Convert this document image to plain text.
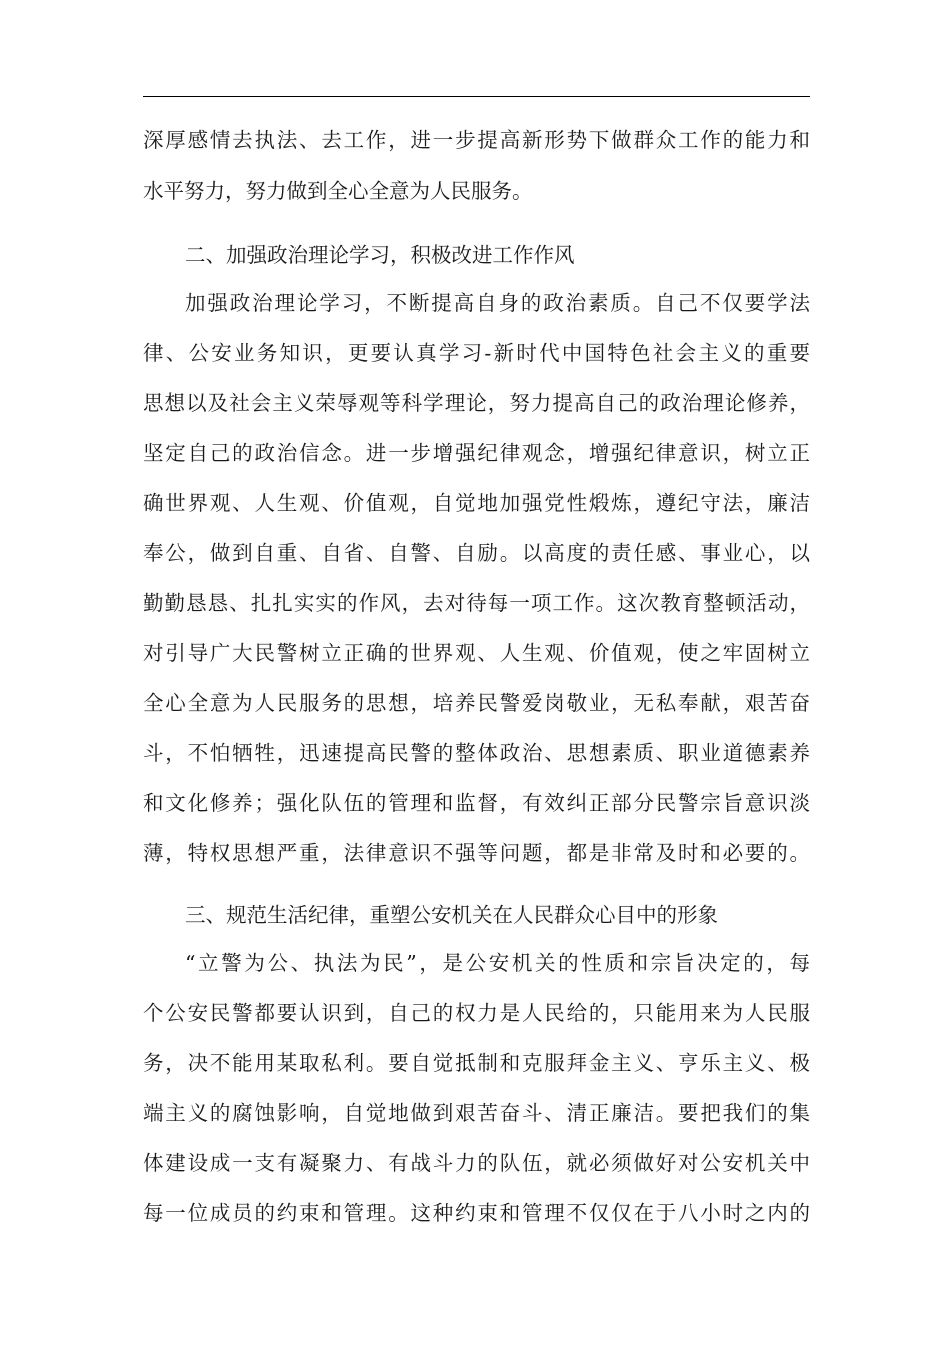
深厚感情去执法、去工作，进一步提高新形势下做群众工作的能力和
水平努力，努力做到全心全意为人民服务。
二、加强政治理论学习，积极改进工作作风
加强政治理论学习，不断提高自身的政治素质。自己不仅要学法
律、公安业务知识，更要认真学习-新时代中国特色社会主义的重要
思想以及社会主义荣辱观等科学理论，努力提高自己的政治理论修养，
坚定自己的政治信念。进一步增强纪律观念，增强纪律意识，树立正
确世界观、人生观、价值观，自觉地加强党性煅炼，遵纪守法，廉洁
奉公，做到自重、自省、自警、自励。以高度的责任感、事业心，以
勤勤恳恳、扎扎实实的作风，去对待每一项工作。这次教育整顿活动，
对引导广大民警树立正确的世界观、人生观、价值观，使之牢固树立
全心全意为人民服务的思想，培养民警爱岗敬业，无私奉献，艰苦奋
斗，不怕牺牲，迅速提高民警的整体政治、思想素质、职业道德素养
和文化修养；强化队伍的管理和监督，有效纠正部分民警宗旨意识淡
薄，特权思想严重，法律意识不强等问题，都是非常及时和必要的。
三、规范生活纪律，重塑公安机关在人民群众心目中的形象
“立警为公、执法为民”，是公安机关的性质和宗旨决定的，每
个公安民警都要认识到，自己的权力是人民给的，只能用来为人民服
务，决不能用某取私利。要自觉抵制和克服拜金主义、亨乐主义、极
端主义的腐蚀影响，自觉地做到艰苦奋斗、清正廉洁。要把我们的集
体建设成一支有凝聚力、有战斗力的队伍，就必须做好对公安机关中
每一位成员的约束和管理。这种约束和管理不仅仅在于八小时之内的
